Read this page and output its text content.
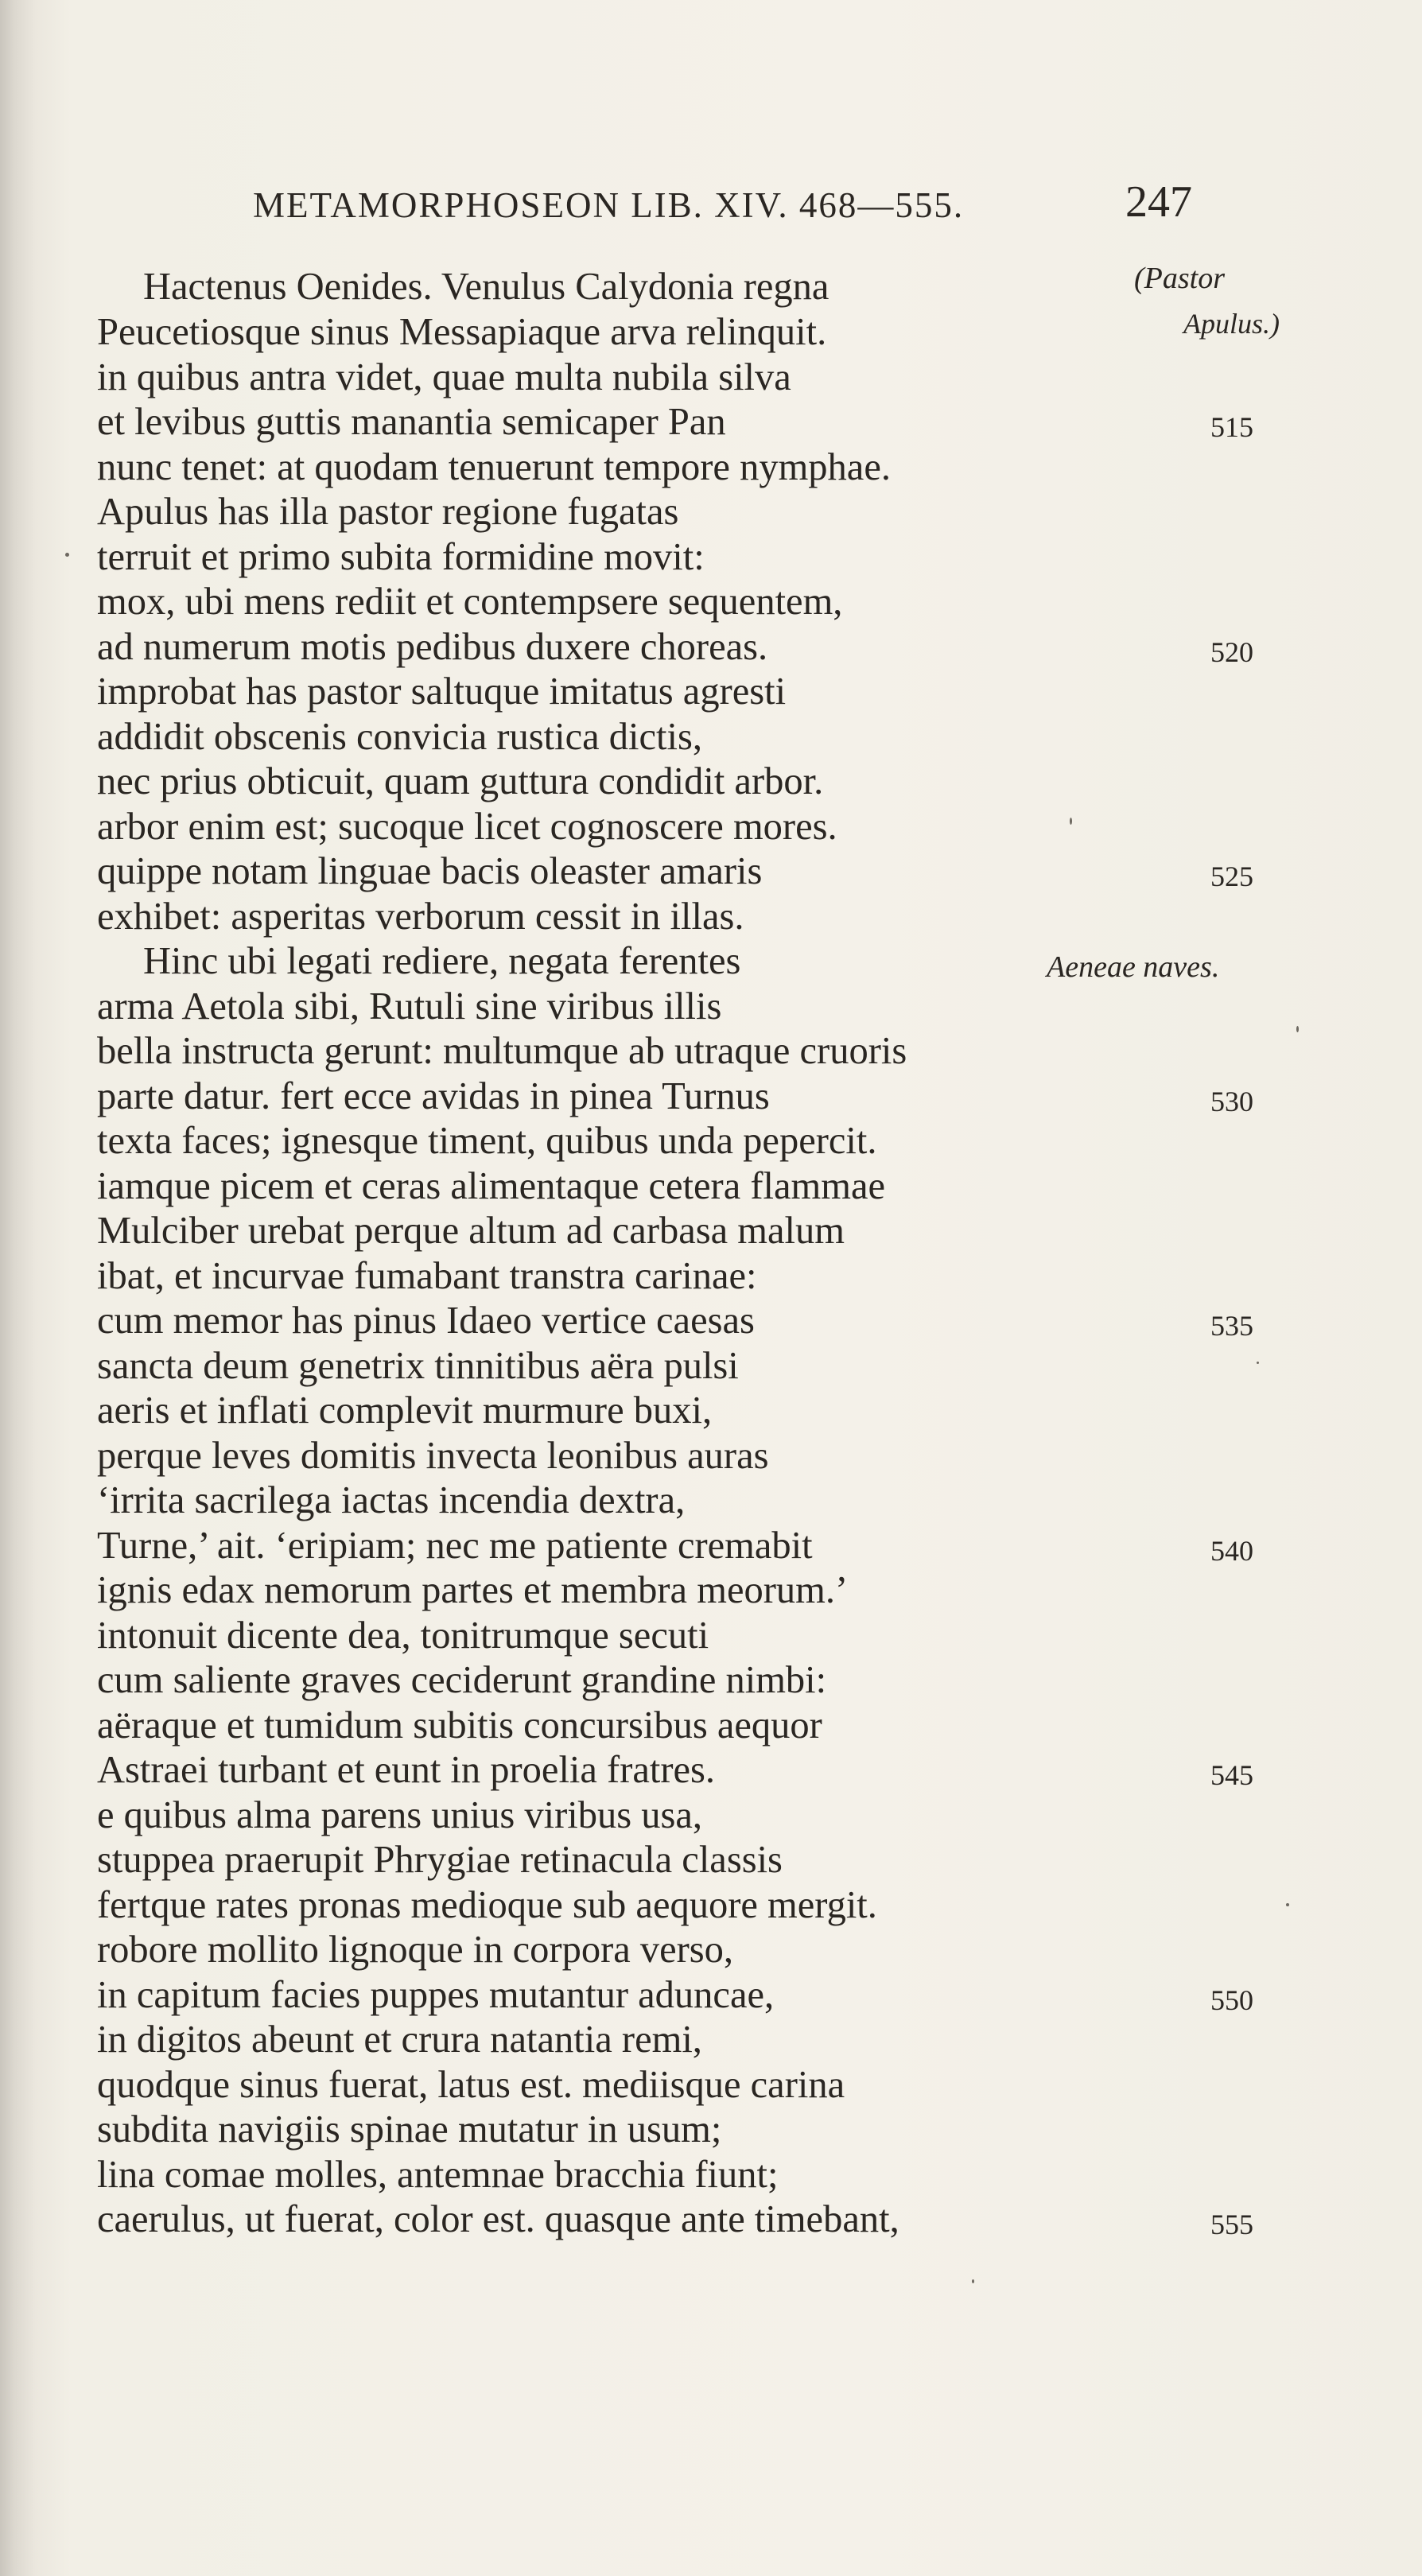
METAMORPHOSEON LIB. XIV. 468—555.	247
(Pastor
Apulus.)
Aeneae naves.
Hactenus Oenides. Venulus Calydonia regna
Peucetiosque sinus Messapiaque arva relinquit.
in quibus antra videt, quae multa nubila silva
et levibus guttis manantia semicaper Pan
nunc tenet: at quodam tenuerunt tempore nymphae.
Apulus has illa pastor regione fugatas
terruit et primo subita formidine movit:
mox, ubi mens rediit et contempsere sequentem,
ad numerum motis pedibus duxere choreas.
improbat has pastor saltuque imitatus agresti
addidit obscenis convicia rustica dictis,
nec prius obticuit, quam guttura condidit arbor.
arbor enim est; sucoque licet cognoscere mores.
quippe notam linguae bacis oleaster amaris
exhibet: asperitas verborum cessit in illas.
Hinc ubi legati rediere, negata ferentes
arma Aetola sibi, Rutuli sine viribus illis
bella instructa gerunt: multumque ab utraque cruoris
parte datur. fert ecce avidas in pinea Turnus
texta faces; ignesque timent, quibus unda pepercit.
iamque picem et ceras alimentaque cetera flammae
Mulciber urebat perque altum ad carbasa malum
ibat, et incurvae fumabant transtra carinae:
cum memor has pinus Idaeo vertice caesas
sancta deum genetrix tinnitibus aëra pulsi
aeris et inflati complevit murmure buxi,
perque leves domitis invecta leonibus auras
‘irrita sacrilega iactas incendia dextra,
Turne,’ ait. ‘eripiam; nec me patiente cremabit
ignis edax nemorum partes et membra meorum.’
intonuit dicente dea, tonitrumque secuti
cum saliente graves ceciderunt grandine nimbi:
aëraque et tumidum subitis concursibus aequor
Astraei turbant et eunt in proelia fratres.
e quibus alma parens unius viribus usa,
stuppea praerupit Phrygiae retinacula classis
fertque rates pronas medioque sub aequore mergit.
robore mollito lignoque in corpora verso,
in capitum facies puppes mutantur aduncae,
in digitos abeunt et crura natantia remi,
quodque sinus fuerat, latus est. mediisque carina
subdita navigiis spinae mutatur in usum;
lina comae molles, antemnae bracchia fiunt;
caerulus, ut fuerat, color est. quasque ante timebant,
515
520
525
530
535
540
545
550
555
